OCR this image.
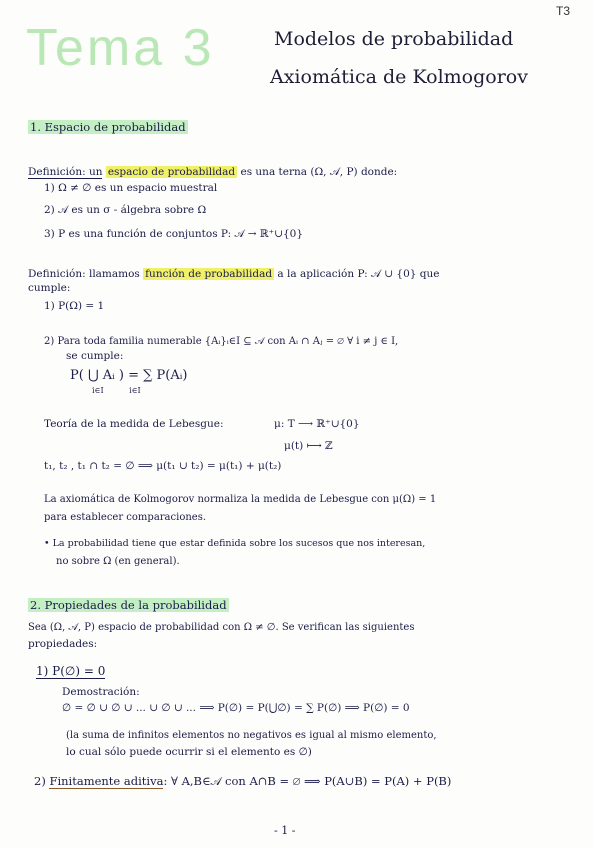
T3
Tema 3	Modelos de probabilidad
Axiomática de Kolmogorov
1. Espacio de probabilidad
Definición: un espacio de probabilidad es una terna (Ω, 𝒜, P) donde:
1) Ω ≠ ∅ es un espacio muestral
2) 𝒜 es un σ - álgebra sobre Ω
3) P es una función de conjuntos P: 𝒜 → ℝ⁺∪{0}
Definición: llamamos función de probabilidad a la aplicación P: 𝒜 ∪ {0} que
cumple:
1) P(Ω) = 1
2) Para toda familia numerable {Aᵢ}ᵢ∈I ⊆ 𝒜 con Aᵢ ∩ Aⱼ = ∅ ∀ i ≠ j ∈ I,
se cumple:
P( ⋃ Aᵢ ) = ∑ P(Aᵢ)
i∈I          i∈I
Teoría de la medida de Lebesgue:	μ: T ⟶ ℝ⁺∪{0}
μ(t) ⟼ ℤ
t₁, t₂ , t₁ ∩ t₂ = ∅ ⟹ μ(t₁ ∪ t₂) = μ(t₁) + μ(t₂)
La axiomática de Kolmogorov normaliza la medida de Lebesgue con μ(Ω) = 1
para establecer comparaciones.
• La probabilidad tiene que estar definida sobre los sucesos que nos interesan,
no sobre Ω (en general).
2. Propiedades de la probabilidad
Sea (Ω, 𝒜, P) espacio de probabilidad con Ω ≠ ∅. Se verifican las siguientes
propiedades:
1) P(∅) = 0
Demostración:
∅ = ∅ ∪ ∅ ∪ ... ∪ ∅ ∪ ... ⟹ P(∅) = P(⋃∅) = ∑ P(∅) ⟹ P(∅) = 0
(la suma de infinitos elementos no negativos es igual al mismo elemento,
lo cual sólo puede ocurrir si el elemento es ∅)
2) Finitamente aditiva: ∀ A,B∈𝒜 con A∩B = ∅ ⟹ P(A∪B) = P(A) + P(B)
- 1 -
